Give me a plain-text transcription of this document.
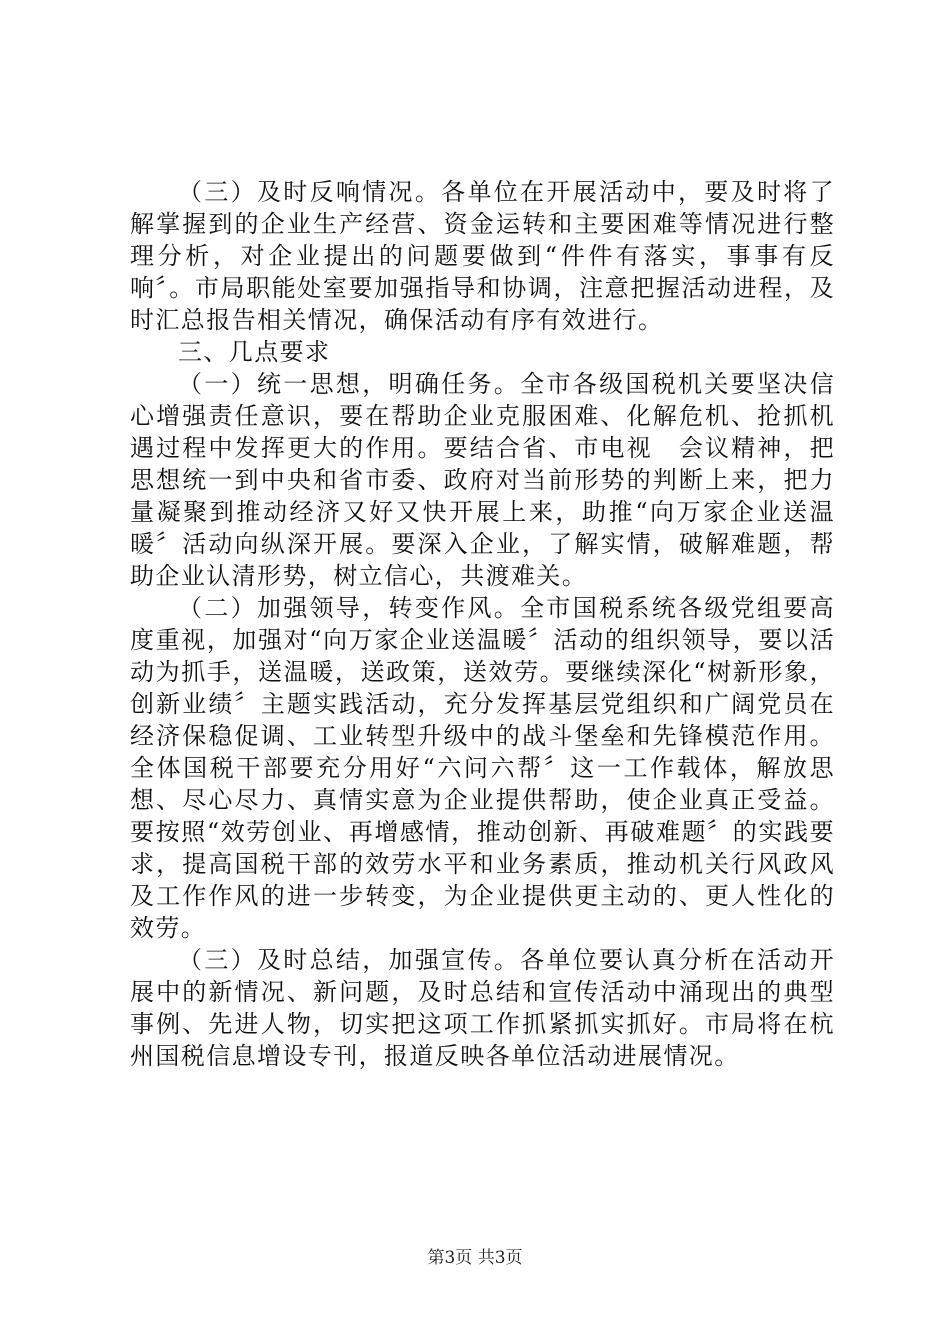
（三）及时反响情况。各单位在开展活动中，要及时将了解掌握到的企业生产经营、资金运转和主要困难等情况进行整理分析，对企业提出的问题要做到“件件有落实，事事有反响〞。市局职能处室要加强指导和协调，注意把握活动进程，及时汇总报告相关情况，确保活动有序有效进行。

三、几点要求

（一）统一思想，明确任务。全市各级国税机关要坚决信心增强责任意识，要在帮助企业克服困难、化解危机、抢抓机遇过程中发挥更大的作用。要结合省、市电视　会议精神，把思想统一到中央和省市委、政府对当前形势的判断上来，把力量凝聚到推动经济又好又快开展上来，助推“向万家企业送温暖〞活动向纵深开展。要深入企业，了解实情，破解难题，帮助企业认清形势，树立信心，共渡难关。

（二）加强领导，转变作风。全市国税系统各级党组要高度重视，加强对“向万家企业送温暖〞活动的组织领导，要以活动为抓手，送温暖，送政策，送效劳。要继续深化“树新形象，创新业绩〞主题实践活动，充分发挥基层党组织和广阔党员在经济保稳促调、工业转型升级中的战斗堡垒和先锋模范作用。全体国税干部要充分用好“六问六帮〞这一工作载体，解放思想、尽心尽力、真情实意为企业提供帮助，使企业真正受益。要按照“效劳创业、再增感情，推动创新、再破难题〞的实践要求，提高国税干部的效劳水平和业务素质，推动机关行风政风及工作作风的进一步转变，为企业提供更主动的、更人性化的效劳。

（三）及时总结，加强宣传。各单位要认真分析在活动开展中的新情况、新问题，及时总结和宣传活动中涌现出的典型事例、先进人物，切实把这项工作抓紧抓实抓好。市局将在杭州国税信息增设专刊，报道反映各单位活动进展情况。

第3页 共3页
